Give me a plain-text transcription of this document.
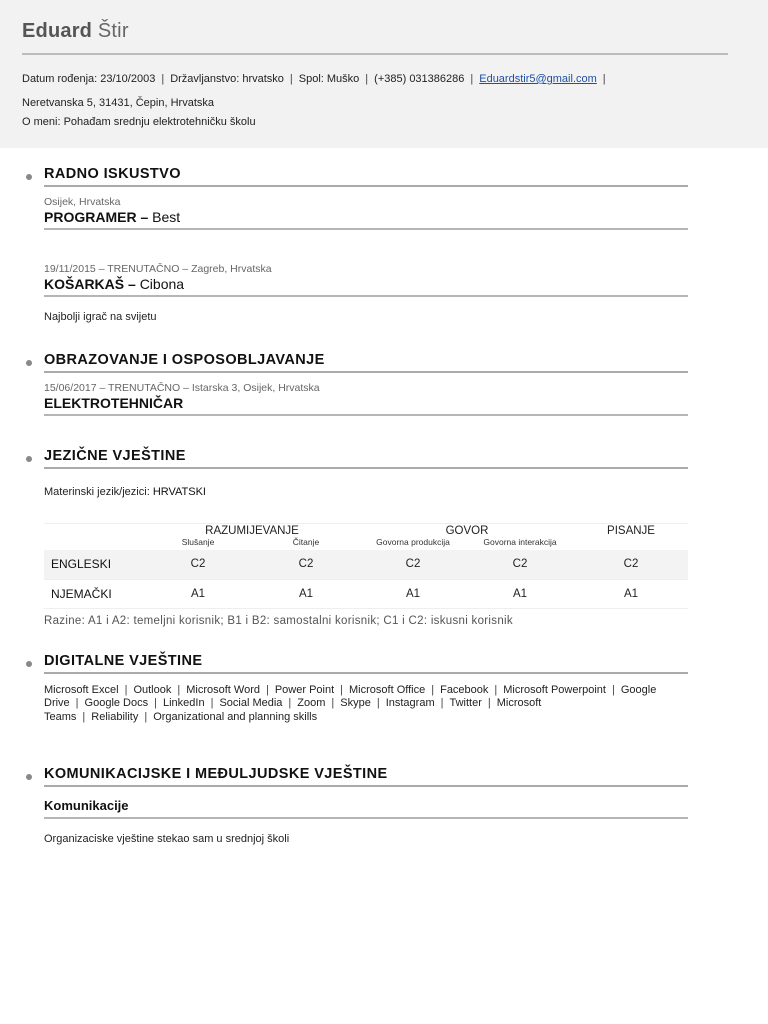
Eduard Štir
Datum rođenja: 23/10/2003 | Državljanstvo: hrvatsko | Spol: Muško | (+385) 031386286 | Eduardstir5@gmail.com |
Neretvanska 5, 31431, Čepin, Hrvatska
O meni: Pohađam srednju elektrotehničku školu
RADNO ISKUSTVO
Osijek, Hrvatska
PROGRAMER – Best
19/11/2015 – TRENUTAČNO – Zagreb, Hrvatska
KOŠARKAŠ – Cibona
Najbolji igrač na svijetu
OBRAZOVANJE I OSPOSOBLJAVANJE
15/06/2017 – TRENUTAČNO – Istarska 3, Osijek, Hrvatska
ELEKTROTEHNIČAR
JEZIČNE VJEŠTINE
Materinski jezik/jezici: HRVATSKI
	RAZUMIJEVANJE		GOVOR		PISANJE
	Slušanje	Čitanje	Govorna produkcija	Govorna interakcija	
ENGLESKI	C2	C2	C2	C2	C2
NJEMAČKI	A1	A1	A1	A1	A1
Razine: A1 i A2: temeljni korisnik; B1 i B2: samostalni korisnik; C1 i C2: iskusni korisnik
DIGITALNE VJEŠTINE
Microsoft Excel | Outlook | Microsoft Word | Power Point | Microsoft Office | Facebook | Microsoft Powerpoint | Google Drive | Google Docs | LinkedIn | Social Media | Zoom | Skype | Instagram | Twitter | Microsoft Teams | Reliability | Organizational and planning skills
KOMUNIKACIJSKE I MEĐULJUDSKE VJEŠTINE
Komunikacije
Organizaciske vještine stekao sam u srednjoj školi
